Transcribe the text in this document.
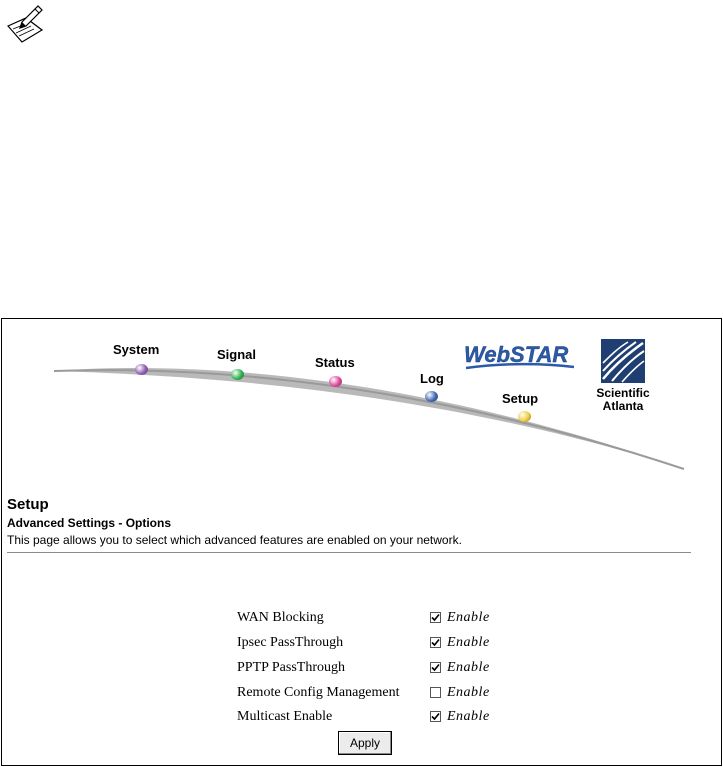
System	Signal
Status
Log
Setup
WebSTAR
Scientific
Atlanta
Setup
Advanced Settings - Options
This page allows you to select which advanced features are enabled on your network.
WAN Blocking	Enable
Ipsec PassThrough	Enable
PPTP PassThrough	Enable
Remote Config Management	Enable
Multicast Enable	Enable
Apply
